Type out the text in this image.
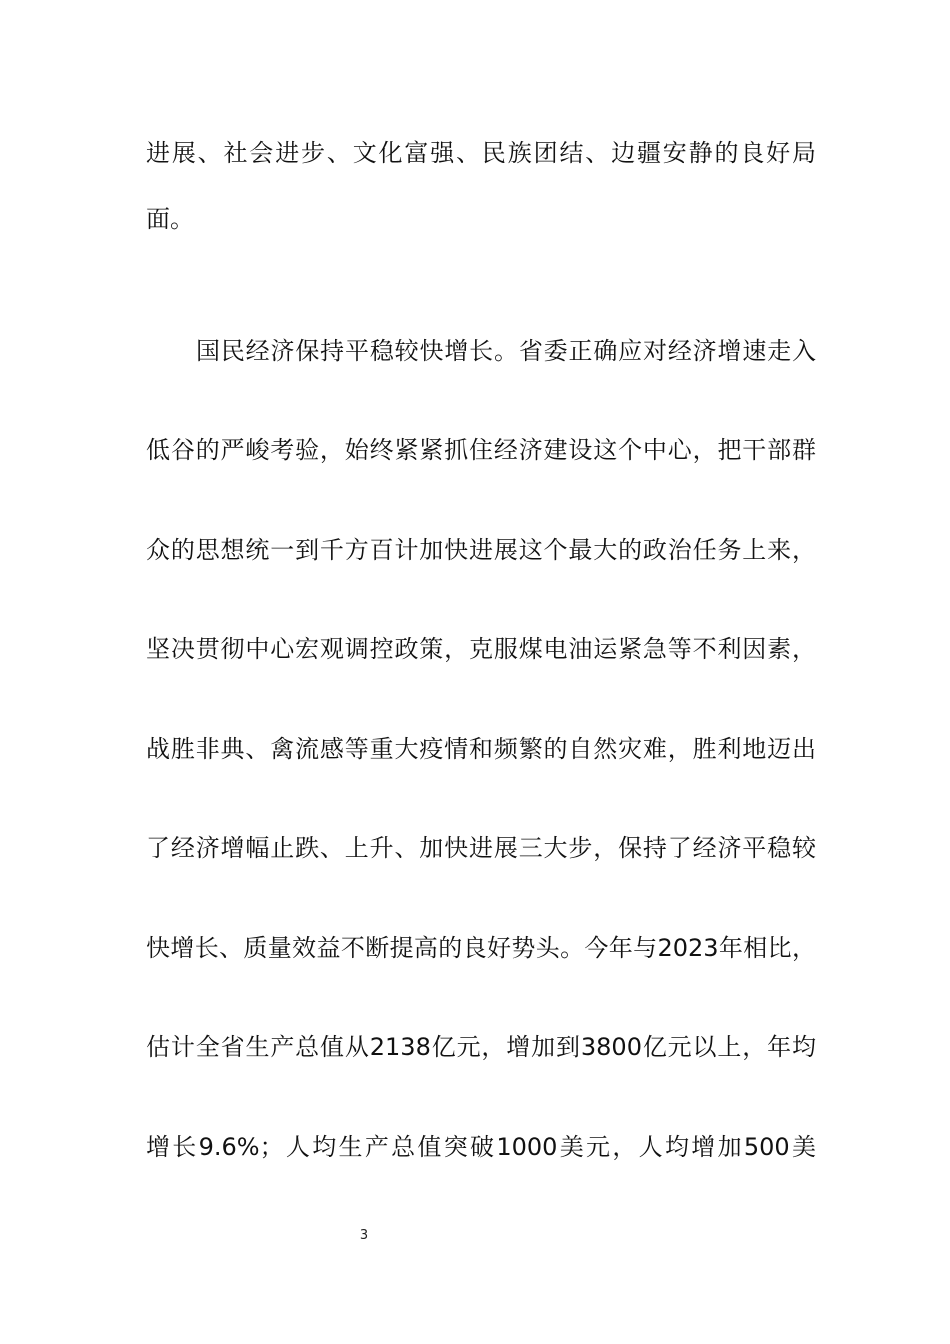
进展、社会进步、文化富强、民族团结、边疆安静的良好局
面。
国民经济保持平稳较快增长。省委正确应对经济增速走入
低谷的严峻考验，始终紧紧抓住经济建设这个中心，把干部群
众的思想统一到千方百计加快进展这个最大的政治任务上来，
坚决贯彻中心宏观调控政策，克服煤电油运紧急等不利因素，
战胜非典、禽流感等重大疫情和频繁的自然灾难，胜利地迈出
了经济增幅止跌、上升、加快进展三大步，保持了经济平稳较
快增长、质量效益不断提高的良好势头。今年与2023年相比，
估计全省生产总值从2138亿元，增加到3800亿元以上，年均
增长9.6%；人均生产总值突破1000美元，人均增加500美
3
